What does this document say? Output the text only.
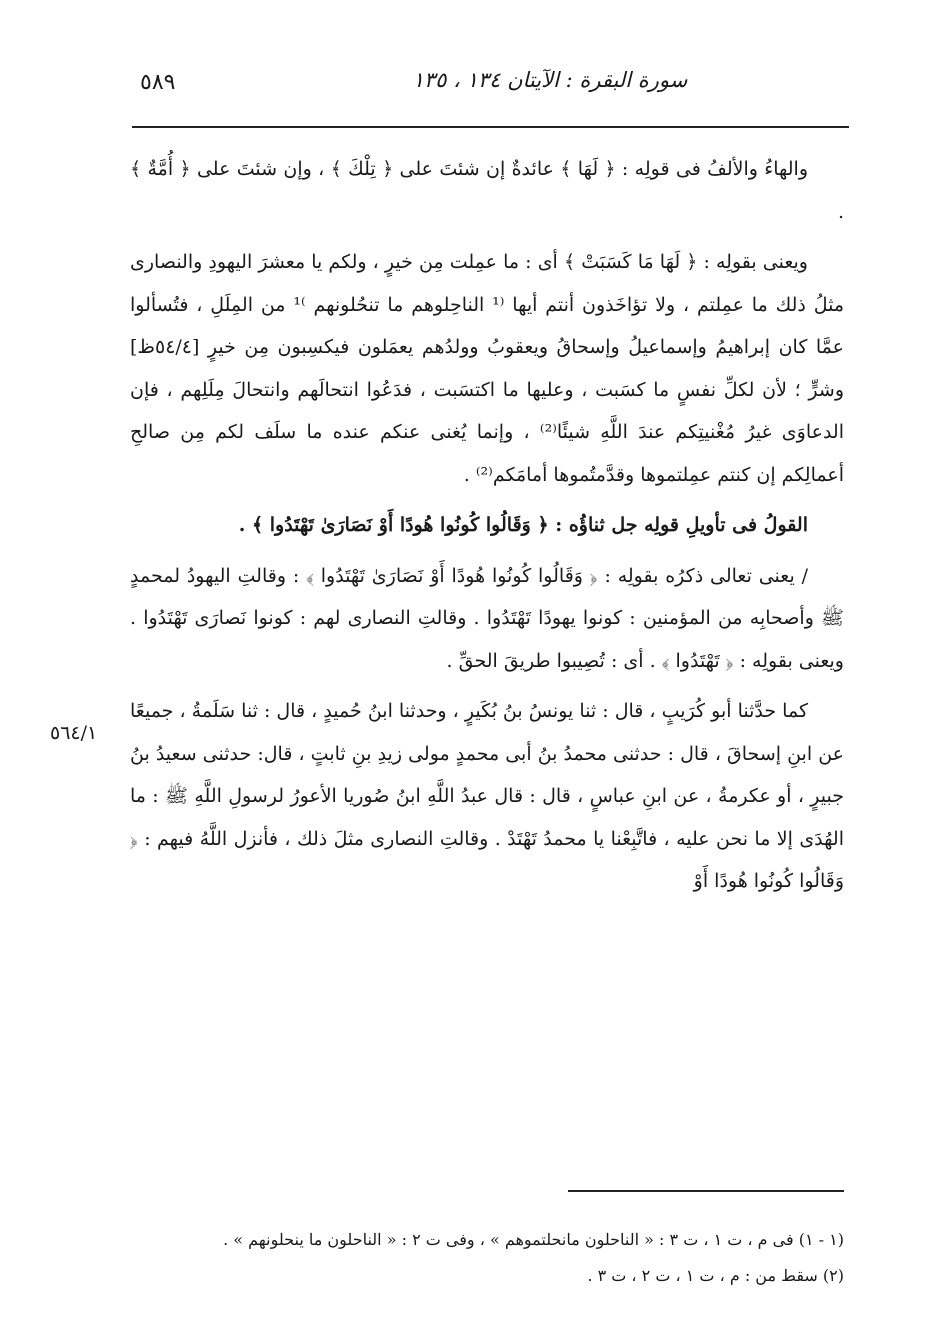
٥٨٩	سورة البقرة : الآيتان ١٣٤ ، ١٣٥
٥٦٤/١

والهاءُ والألفُ فى قولِه : ﴿ لَهَا ﴾ عائدةٌ إن شئتَ على ﴿ تِلْكَ ﴾ ، وإن شئتَ على ﴿ أُمَّةٌ ﴾ .

ويعنى بقولِه : ﴿ لَهَا مَا كَسَبَتْ ﴾ أى : ما عمِلت مِن خيرٍ ، ولكم يا معشرَ اليهودِ والنصارى مثلُ ذلك ما عمِلتم ، ولا تؤاخَذون أنتم أيها ⁽¹ الناحِلوهم ما تنحُلونهم ⁾¹ من المِلَلِ ، فتُسألوا عمَّا كان إبراهيمُ وإسماعيلُ وإسحاقُ ويعقوبُ وولدُهم يعمَلون فيكسِبون مِن خيرٍ [٥٤/٤ظ] وشرٍّ ؛ لأن لكلِّ نفسٍ ما كسَبت ، وعليها ما اكتسَبت ، فدَعُوا انتحالَهم وانتحالَ مِلَلِهم ، فإن الدعاوَى غيرُ مُغْنيتِكم عندَ اللَّهِ شيئًا⁽²⁾ ، وإنما يُغنى عنكم عنده ما سلَف لكم مِن صالحِ أعمالِكم إن كنتم عمِلتموها وقدَّمتُموها أمامَكم⁽²⁾ .

القولُ فى تأويلِ قولِه جل ثناؤُه : ﴿ وَقَالُوا كُونُوا هُودًا أَوْ نَصَارَىٰ تَهْتَدُوا ﴾ .

/ يعنى تعالى ذكرُه بقولِه : ﴿ وَقَالُوا كُونُوا هُودًا أَوْ نَصَارَىٰ تَهْتَدُوا ﴾ : وقالتِ اليهودُ لمحمدٍ ﷺ وأصحابِه من المؤمنين : كونوا يهودًا تَهْتَدُوا . وقالتِ النصارى لهم : كونوا نَصارَى تَهْتَدُوا . ويعنى بقولِه : ﴿ تَهْتَدُوا ﴾ . أى : تُصِيبوا طريقَ الحقِّ .

كما حدَّثنا أبو كُرَيبٍ ، قال : ثنا يونسُ بنُ بُكَيرٍ ، وحدثنا ابنُ حُميدٍ ، قال : ثنا سَلَمةُ ، جميعًا عن ابنِ إسحاقَ ، قال : حدثنى محمدُ بنُ أبى محمدٍ مولى زيدِ بنِ ثابتٍ ، قال: حدثنى سعيدُ بنُ جبيرٍ ، أو عكرمةُ ، عن ابنِ عباسٍ ، قال : قال عبدُ اللَّهِ ابنُ صُوريا الأعورُ لرسولِ اللَّهِ ﷺ : ما الهُدَى إلا ما نحن عليه ، فاتَّبِعْنا يا محمدُ تَهْتَدْ . وقالتِ النصارى مثلَ ذلك ، فأنزل اللَّهُ فيهم : ﴿ وَقَالُوا كُونُوا هُودًا أَوْ

(١ - ١) فى م ، ت ١ ، ت ٣ : « الناحلون مانحلتموهم » ، وفى ت ٢ : « الناحلون ما ينحلونهم » .

(٢) سقط من : م ، ت ١ ، ت ٢ ، ت ٣ .
